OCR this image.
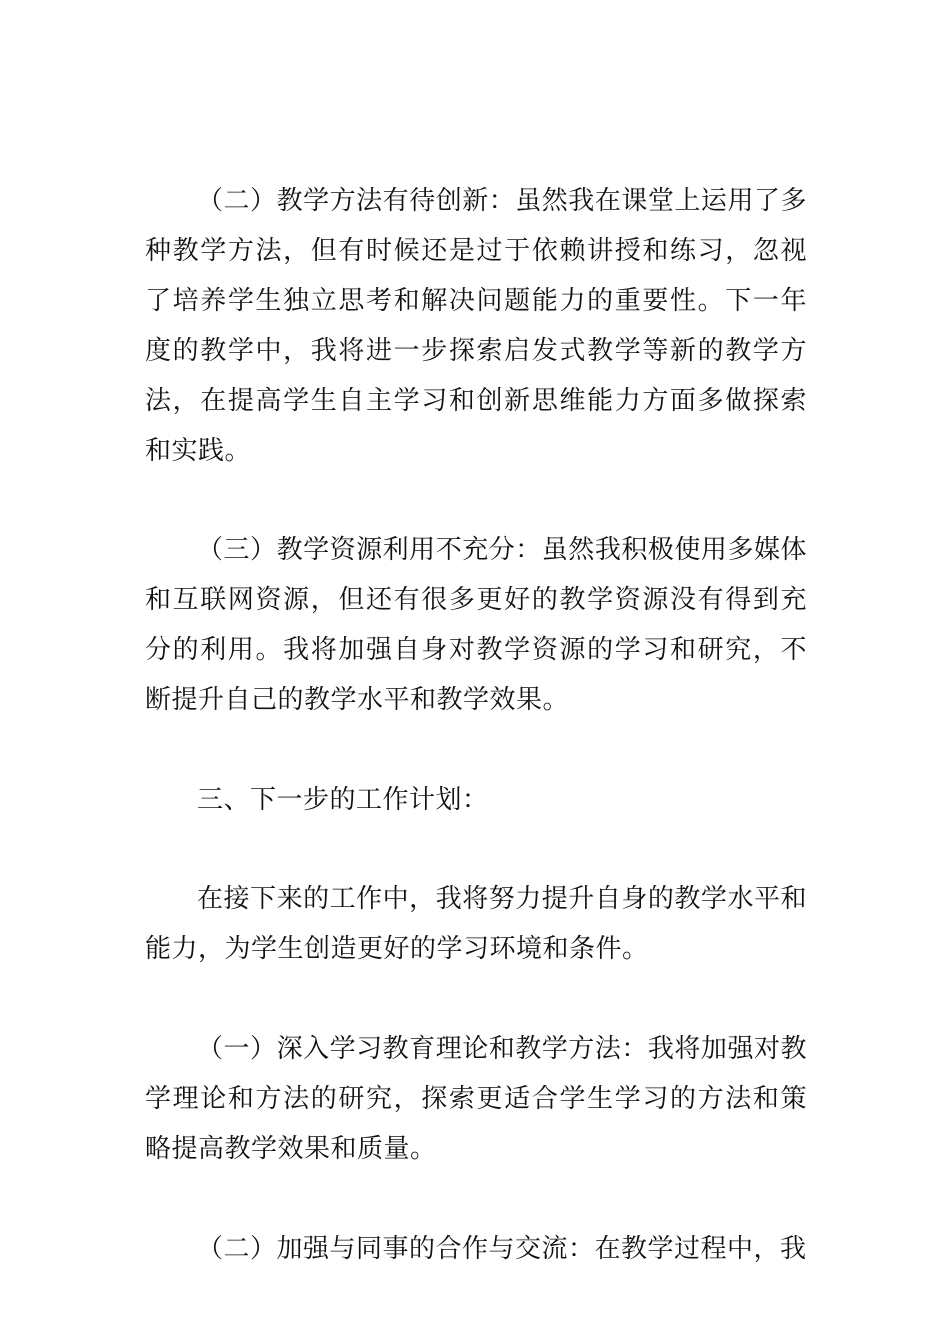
（二）教学方法有待创新：虽然我在课堂上运用了多种教学方法，但有时候还是过于依赖讲授和练习，忽视了培养学生独立思考和解决问题能力的重要性。下一年度的教学中，我将进一步探索启发式教学等新的教学方法，在提高学生自主学习和创新思维能力方面多做探索和实践。

（三）教学资源利用不充分：虽然我积极使用多媒体和互联网资源，但还有很多更好的教学资源没有得到充分的利用。我将加强自身对教学资源的学习和研究，不断提升自己的教学水平和教学效果。

三、下一步的工作计划：

在接下来的工作中，我将努力提升自身的教学水平和能力，为学生创造更好的学习环境和条件。

（一）深入学习教育理论和教学方法：我将加强对教学理论和方法的研究，探索更适合学生学习的方法和策略提高教学效果和质量。

（二）加强与同事的合作与交流：在教学过程中，我
